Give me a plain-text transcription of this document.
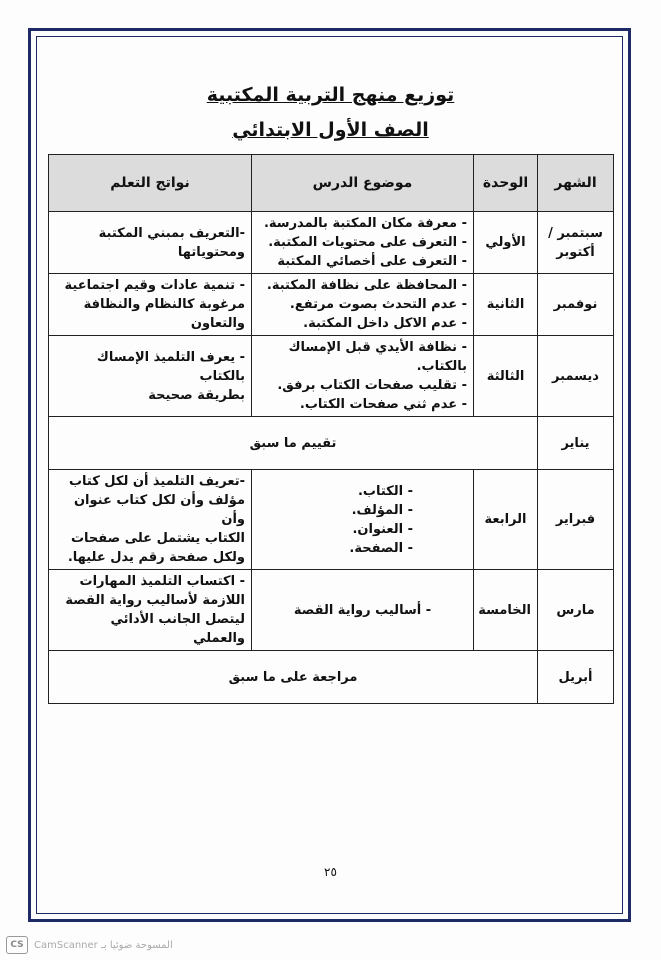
توزيع منهج التربية المكتبية
الصف الأول الابتدائي
الشهر	الوحدة	موضوع الدرس	نواتج التعلم
سبتمبر / أكتوبر	الأولي	- معرفة مكان المكتبة بالمدرسة.
- التعرف على محتويات المكتبة.
- التعرف على أخصائي المكتبة	-التعريف بمبني المكتبة
ومحتوياتها

نوفمبر	الثانية	- المحافظة على نظافة المكتبة.
- عدم التحدث بصوت مرتفع.
- عدم الاكل داخل المكتبة.	- تنمية عادات وقيم اجتماعية
مرغوبة كالنظام والنظافة
والتعاون

ديسمبر	الثالثة	- نظافة الأيدي قبل الإمساك
بالكتاب.
- تقليب صفحات الكتاب برفق.
- عدم ثني صفحات الكتاب.	- يعرف التلميذ الإمساك بالكتاب
بطريقة صحيحة

يناير	تقييم ما سبق		
فبراير	الرابعة	- الكتاب.
- المؤلف.
- العنوان.
- الصفحة.	-تعريف التلميذ أن لكل كتاب
مؤلف وأن لكل كتاب عنوان وأن
الكتاب يشتمل على صفحات
ولكل صفحة رقم يدل عليها.

مارس	الخامسة	- أساليب رواية القصة	- اكتساب التلميذ المهارات
اللازمة لأساليب رواية القصة
ليتصل الجانب الأدائي والعملي

أبريل	مراجعة على ما سبق		
٢٥
CS	المسوحة ضوئيا بـ CamScanner
